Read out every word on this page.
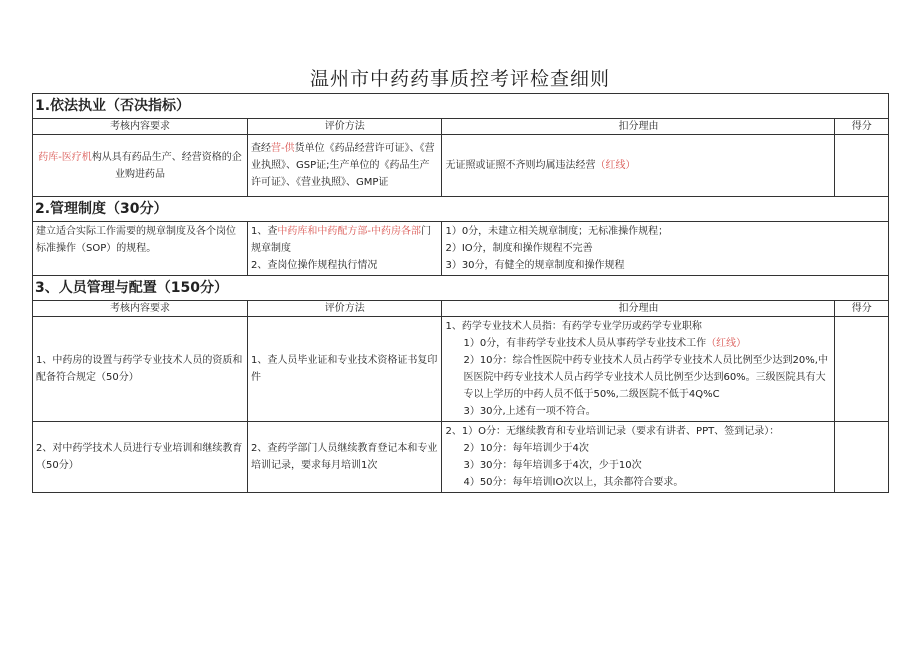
温州市中药药事质控考评检查细则
1.依法执业（否决指标）			
考核内容要求	评价方法	扣分理由	得分
药库-医疗机构从具有药品生产、经营资格的企业购进药品	查经营-供货单位《药品经营许可证》、《营业执照》、GSP证;生产单位的《药品生产许可证》、《营业执照》、GMP证	无证照或证照不齐则均属违法经营（红线）	
2.管理制度（30分）			
建立适合实际工作需要的规章制度及各个岗位标准操作（SOP）的规程。	1、查中药库和中药配方部-中药房各部门规章制度
2、查岗位操作规程执行情况	1）0分，未建立相关规章制度；无标准操作规程；
2）IO分，制度和操作规程不完善
3）30分，有健全的规章制度和操作规程	

3、人员管理与配置（150分）			
考核内容要求	评价方法	扣分理由	得分
1、中药房的设置与药学专业技术人员的资质和配备符合规定（50分）	1、查人员毕业证和专业技术资格证书复印件	1、药学专业技术人员指：有药学专业学历或药学专业职称
1）0分，有非药学专业技术人员从事药学专业技术工作（红线）
2）10分：综合性医院中药专业技术人员占药学专业技术人员比例至少达到20%,中医医院中药专业技术人员占药学专业技术人员比例至少达到60%。三级医院具有大专以上学历的中药人员不低于50%,二级医院不低于4Q%C
3）30分,上述有一项不符合。	

2、对中药学技术人员进行专业培训和继续教育（50分）	2、查药学部门人员继续教育登记本和专业培训记录，要求每月培训1次	2、1）O分：无继续教育和专业培训记录（要求有讲者、PPT、签到记录）：
2）10分：每年培训少于4次
3）30分：每年培训多于4次，少于10次
4）50分：每年培训IO次以上，其余都符合要求。	
